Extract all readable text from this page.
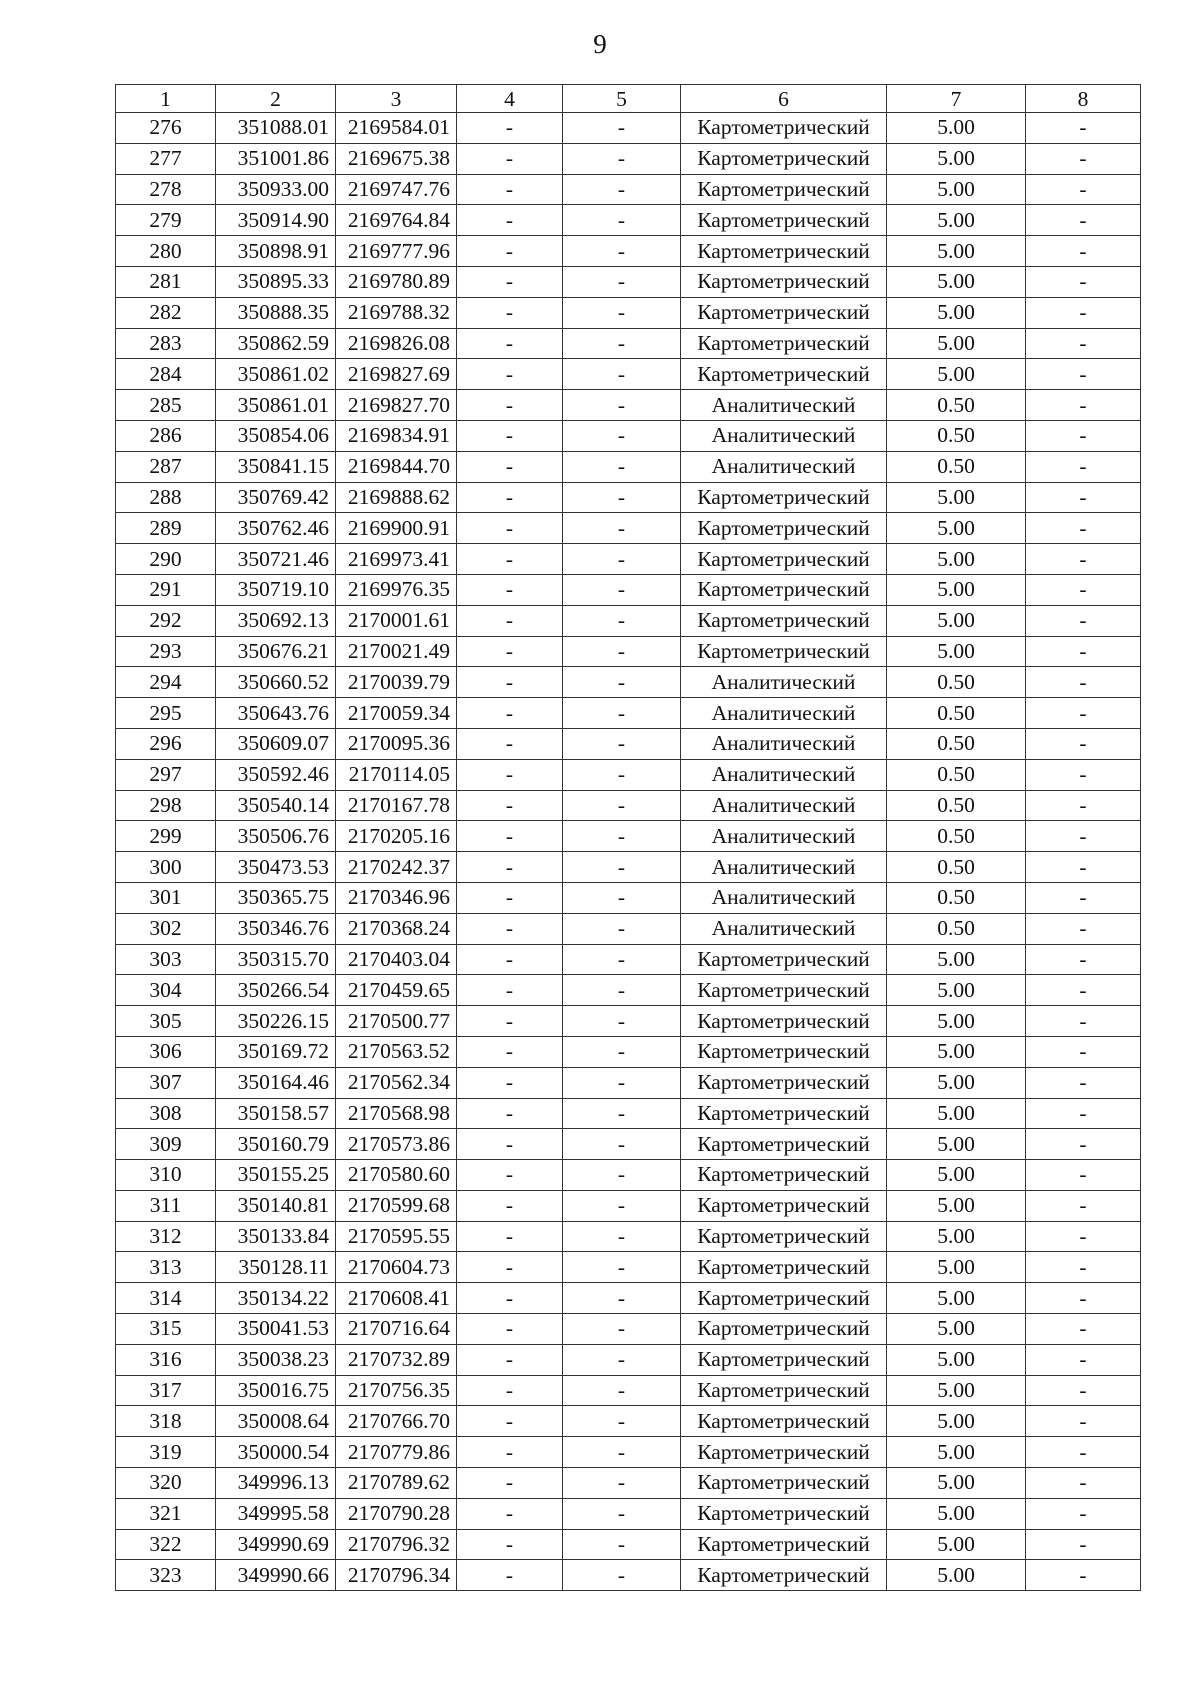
9
1	2	3	4	5	6	7	8
276	351088.01	2169584.01	-	-	Картометрический	5.00	-
277	351001.86	2169675.38	-	-	Картометрический	5.00	-
278	350933.00	2169747.76	-	-	Картометрический	5.00	-
279	350914.90	2169764.84	-	-	Картометрический	5.00	-
280	350898.91	2169777.96	-	-	Картометрический	5.00	-
281	350895.33	2169780.89	-	-	Картометрический	5.00	-
282	350888.35	2169788.32	-	-	Картометрический	5.00	-
283	350862.59	2169826.08	-	-	Картометрический	5.00	-
284	350861.02	2169827.69	-	-	Картометрический	5.00	-
285	350861.01	2169827.70	-	-	Аналитический	0.50	-
286	350854.06	2169834.91	-	-	Аналитический	0.50	-
287	350841.15	2169844.70	-	-	Аналитический	0.50	-
288	350769.42	2169888.62	-	-	Картометрический	5.00	-
289	350762.46	2169900.91	-	-	Картометрический	5.00	-
290	350721.46	2169973.41	-	-	Картометрический	5.00	-
291	350719.10	2169976.35	-	-	Картометрический	5.00	-
292	350692.13	2170001.61	-	-	Картометрический	5.00	-
293	350676.21	2170021.49	-	-	Картометрический	5.00	-
294	350660.52	2170039.79	-	-	Аналитический	0.50	-
295	350643.76	2170059.34	-	-	Аналитический	0.50	-
296	350609.07	2170095.36	-	-	Аналитический	0.50	-
297	350592.46	2170114.05	-	-	Аналитический	0.50	-
298	350540.14	2170167.78	-	-	Аналитический	0.50	-
299	350506.76	2170205.16	-	-	Аналитический	0.50	-
300	350473.53	2170242.37	-	-	Аналитический	0.50	-
301	350365.75	2170346.96	-	-	Аналитический	0.50	-
302	350346.76	2170368.24	-	-	Аналитический	0.50	-
303	350315.70	2170403.04	-	-	Картометрический	5.00	-
304	350266.54	2170459.65	-	-	Картометрический	5.00	-
305	350226.15	2170500.77	-	-	Картометрический	5.00	-
306	350169.72	2170563.52	-	-	Картометрический	5.00	-
307	350164.46	2170562.34	-	-	Картометрический	5.00	-
308	350158.57	2170568.98	-	-	Картометрический	5.00	-
309	350160.79	2170573.86	-	-	Картометрический	5.00	-
310	350155.25	2170580.60	-	-	Картометрический	5.00	-
311	350140.81	2170599.68	-	-	Картометрический	5.00	-
312	350133.84	2170595.55	-	-	Картометрический	5.00	-
313	350128.11	2170604.73	-	-	Картометрический	5.00	-
314	350134.22	2170608.41	-	-	Картометрический	5.00	-
315	350041.53	2170716.64	-	-	Картометрический	5.00	-
316	350038.23	2170732.89	-	-	Картометрический	5.00	-
317	350016.75	2170756.35	-	-	Картометрический	5.00	-
318	350008.64	2170766.70	-	-	Картометрический	5.00	-
319	350000.54	2170779.86	-	-	Картометрический	5.00	-
320	349996.13	2170789.62	-	-	Картометрический	5.00	-
321	349995.58	2170790.28	-	-	Картометрический	5.00	-
322	349990.69	2170796.32	-	-	Картометрический	5.00	-
323	349990.66	2170796.34	-	-	Картометрический	5.00	-
